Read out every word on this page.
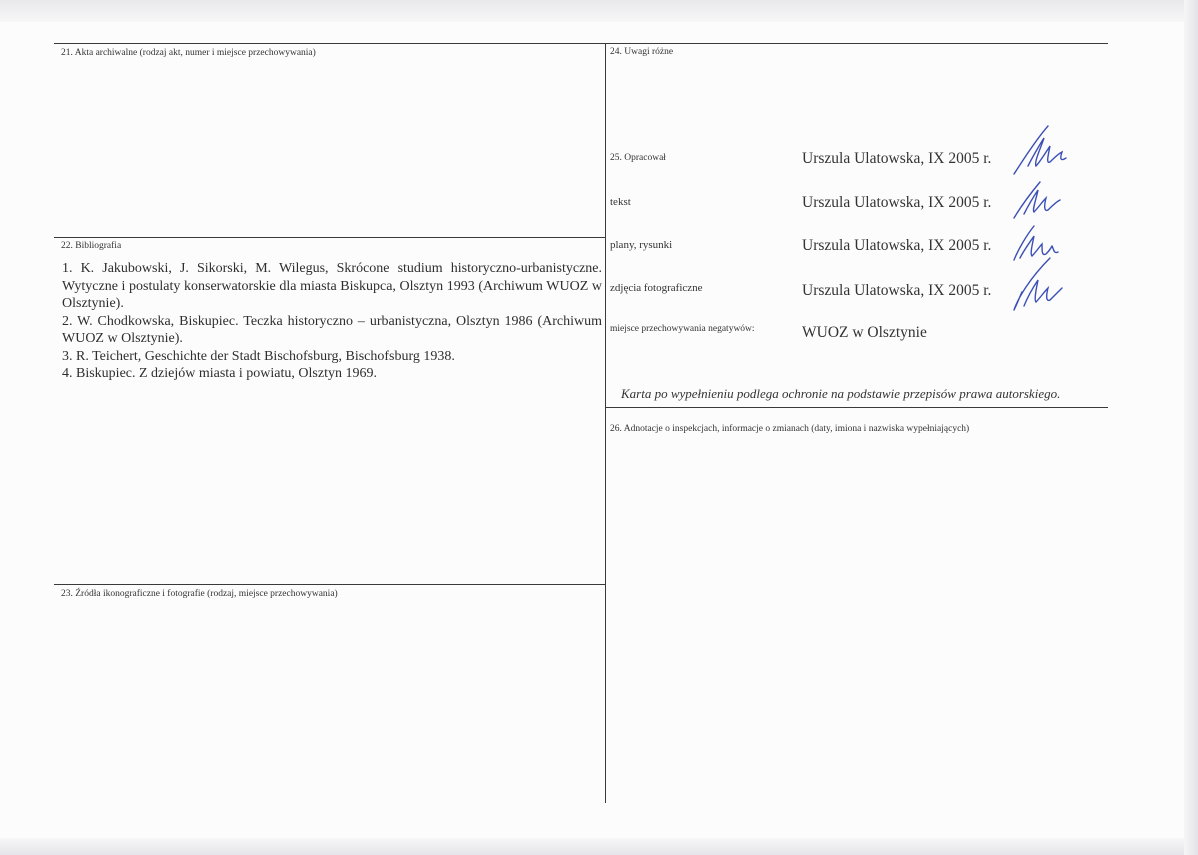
21. Akta archiwalne (rodzaj akt, numer i miejsce przechowywania)
22. Bibliografia

1. K. Jakubowski, J. Sikorski, M. Wilegus, Skrócone studium historyczno-urbanistyczne. Wytyczne i postulaty konserwatorskie dla miasta Biskupca, Olsztyn 1993 (Archiwum WUOZ w Olsztynie).

2. W. Chodkowska, Biskupiec. Teczka historyczno – urbanistyczna, Olsztyn 1986 (Archiwum WUOZ w Olsztynie).

3. R. Teichert, Geschichte der Stadt Bischofsburg, Bischofsburg 1938.

4. Biskupiec. Z dziejów miasta i powiatu, Olsztyn 1969.

23. Źródła ikonograficzne i fotografie (rodzaj, miejsce przechowywania)
24. Uwagi różne
25. Opracował	Urszula Ulatowska, IX 2005 r.
tekst	Urszula Ulatowska, IX 2005 r.
plany, rysunki	Urszula Ulatowska, IX 2005 r.
zdjęcia fotograficzne	Urszula Ulatowska, IX 2005 r.
miejsce przechowywania negatywów:	WUOZ w Olsztynie
Karta po wypełnieniu podlega ochronie na podstawie przepisów prawa autorskiego.
26. Adnotacje o inspekcjach, informacje o zmianach (daty, imiona i nazwiska wypełniających)
